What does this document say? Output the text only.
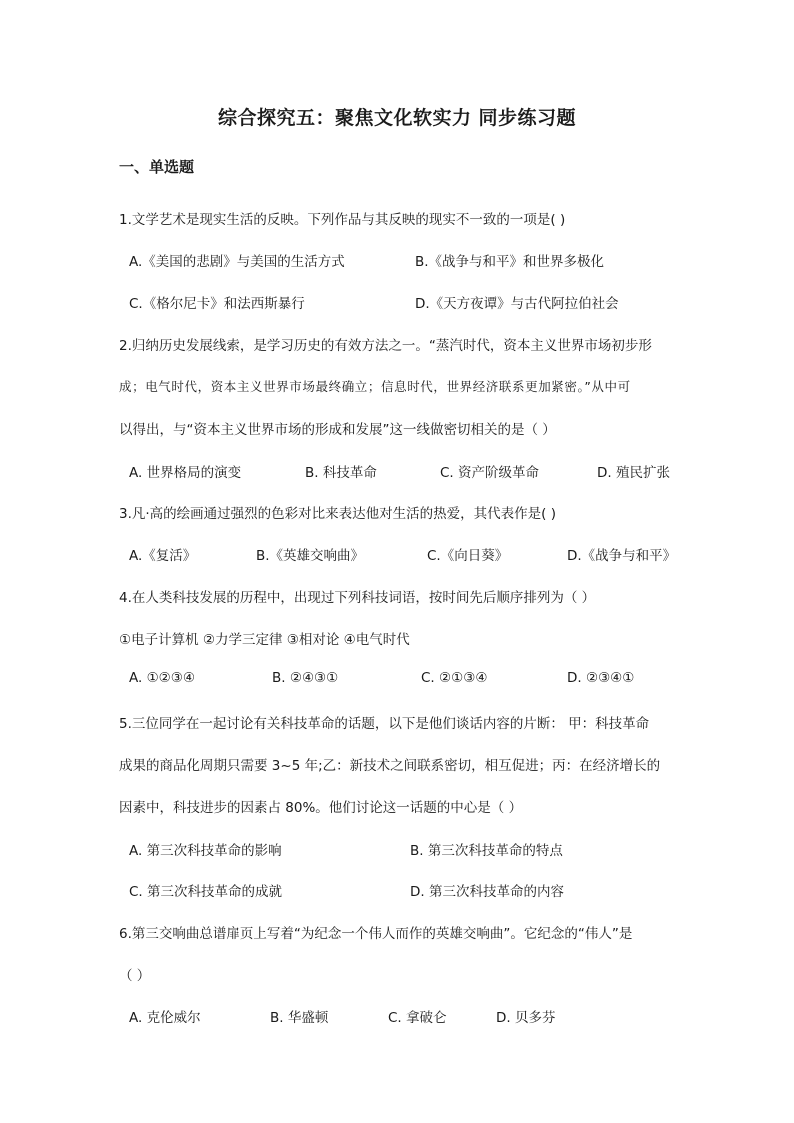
综合探究五：聚焦文化软实力 同步练习题
一、单选题
1.文学艺术是现实生活的反映。下列作品与其反映的现实不一致的一项是( )
A.《美国的悲剧》与美国的生活方式	B.《战争与和平》和世界多极化
C.《格尔尼卡》和法西斯暴行	D.《天方夜谭》与古代阿拉伯社会
2.归纳历史发展线索，是学习历史的有效方法之一。“蒸汽时代，资本主义世界市场初步形
成；电气时代，资本主义世界市场最终确立；信息时代，世界经济联系更加紧密。”从中可
以得出，与“资本主义世界市场的形成和发展”这一线做密切相关的是（ ）
A. 世界格局的演变	B. 科技革命	C. 资产阶级革命	D. 殖民扩张
3.凡·高的绘画通过强烈的色彩对比来表达他对生活的热爱，其代表作是( )
A.《复活》	B.《英雄交响曲》	C.《向日葵》	D.《战争与和平》
4.在人类科技发展的历程中，出现过下列科技词语，按时间先后顺序排列为（ ）
①电子计算机 ②力学三定律 ③相对论 ④电气时代
A. ①②③④	B. ②④③①	C. ②①③④	D. ②③④①
5.三位同学在一起讨论有关科技革命的话题，以下是他们谈话内容的片断： 甲：科技革命
成果的商品化周期只需要 3~5 年;乙：新技术之间联系密切，相互促进；丙：在经济增长的
因素中，科技进步的因素占 80%。他们讨论这一话题的中心是（ ）
A. 第三次科技革命的影响	B. 第三次科技革命的特点
C. 第三次科技革命的成就	D. 第三次科技革命的内容
6.第三交响曲总谱扉页上写着“为纪念一个伟人而作的英雄交响曲”。它纪念的“伟人”是
（ ）
A. 克伦威尔	B. 华盛顿	C. 拿破仑	D. 贝多芬
